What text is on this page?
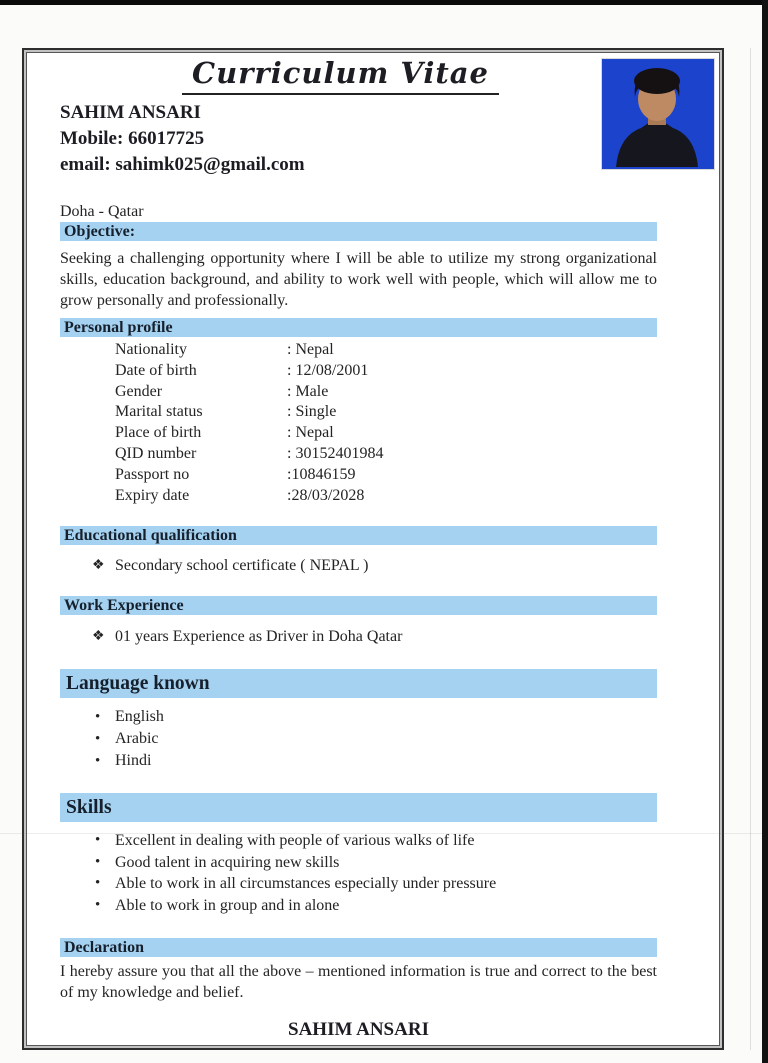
Curriculum Vitae
SAHIM ANSARI
Mobile: 66017725
email: sahimk025@gmail.com
Doha - Qatar
Objective:

Seeking a challenging opportunity where I will be able to utilize my strong organizational skills, education background, and ability to work well with people, which will allow me to grow personally and professionally.

Personal profile
Nationality	: Nepal
Date of birth	: 12/08/2001
Gender	: Male
Marital status	: Single
Place of birth	: Nepal
QID number	: 30152401984
Passport no	:10846159
Expiry date	:28/03/2028
Educational qualification
❖ Secondary school certificate ( NEPAL )
Work Experience
❖ 01 years Experience as Driver in Doha Qatar
Language known
• English
• Arabic
• Hindi
Skills
• Excellent in dealing with people of various walks of life
• Good talent in acquiring new skills
• Able to work in all circumstances especially under pressure
• Able to work in group and in alone
Declaration

I hereby assure you that all the above – mentioned information is true and correct to the best of my knowledge and belief.

SAHIM ANSARI
